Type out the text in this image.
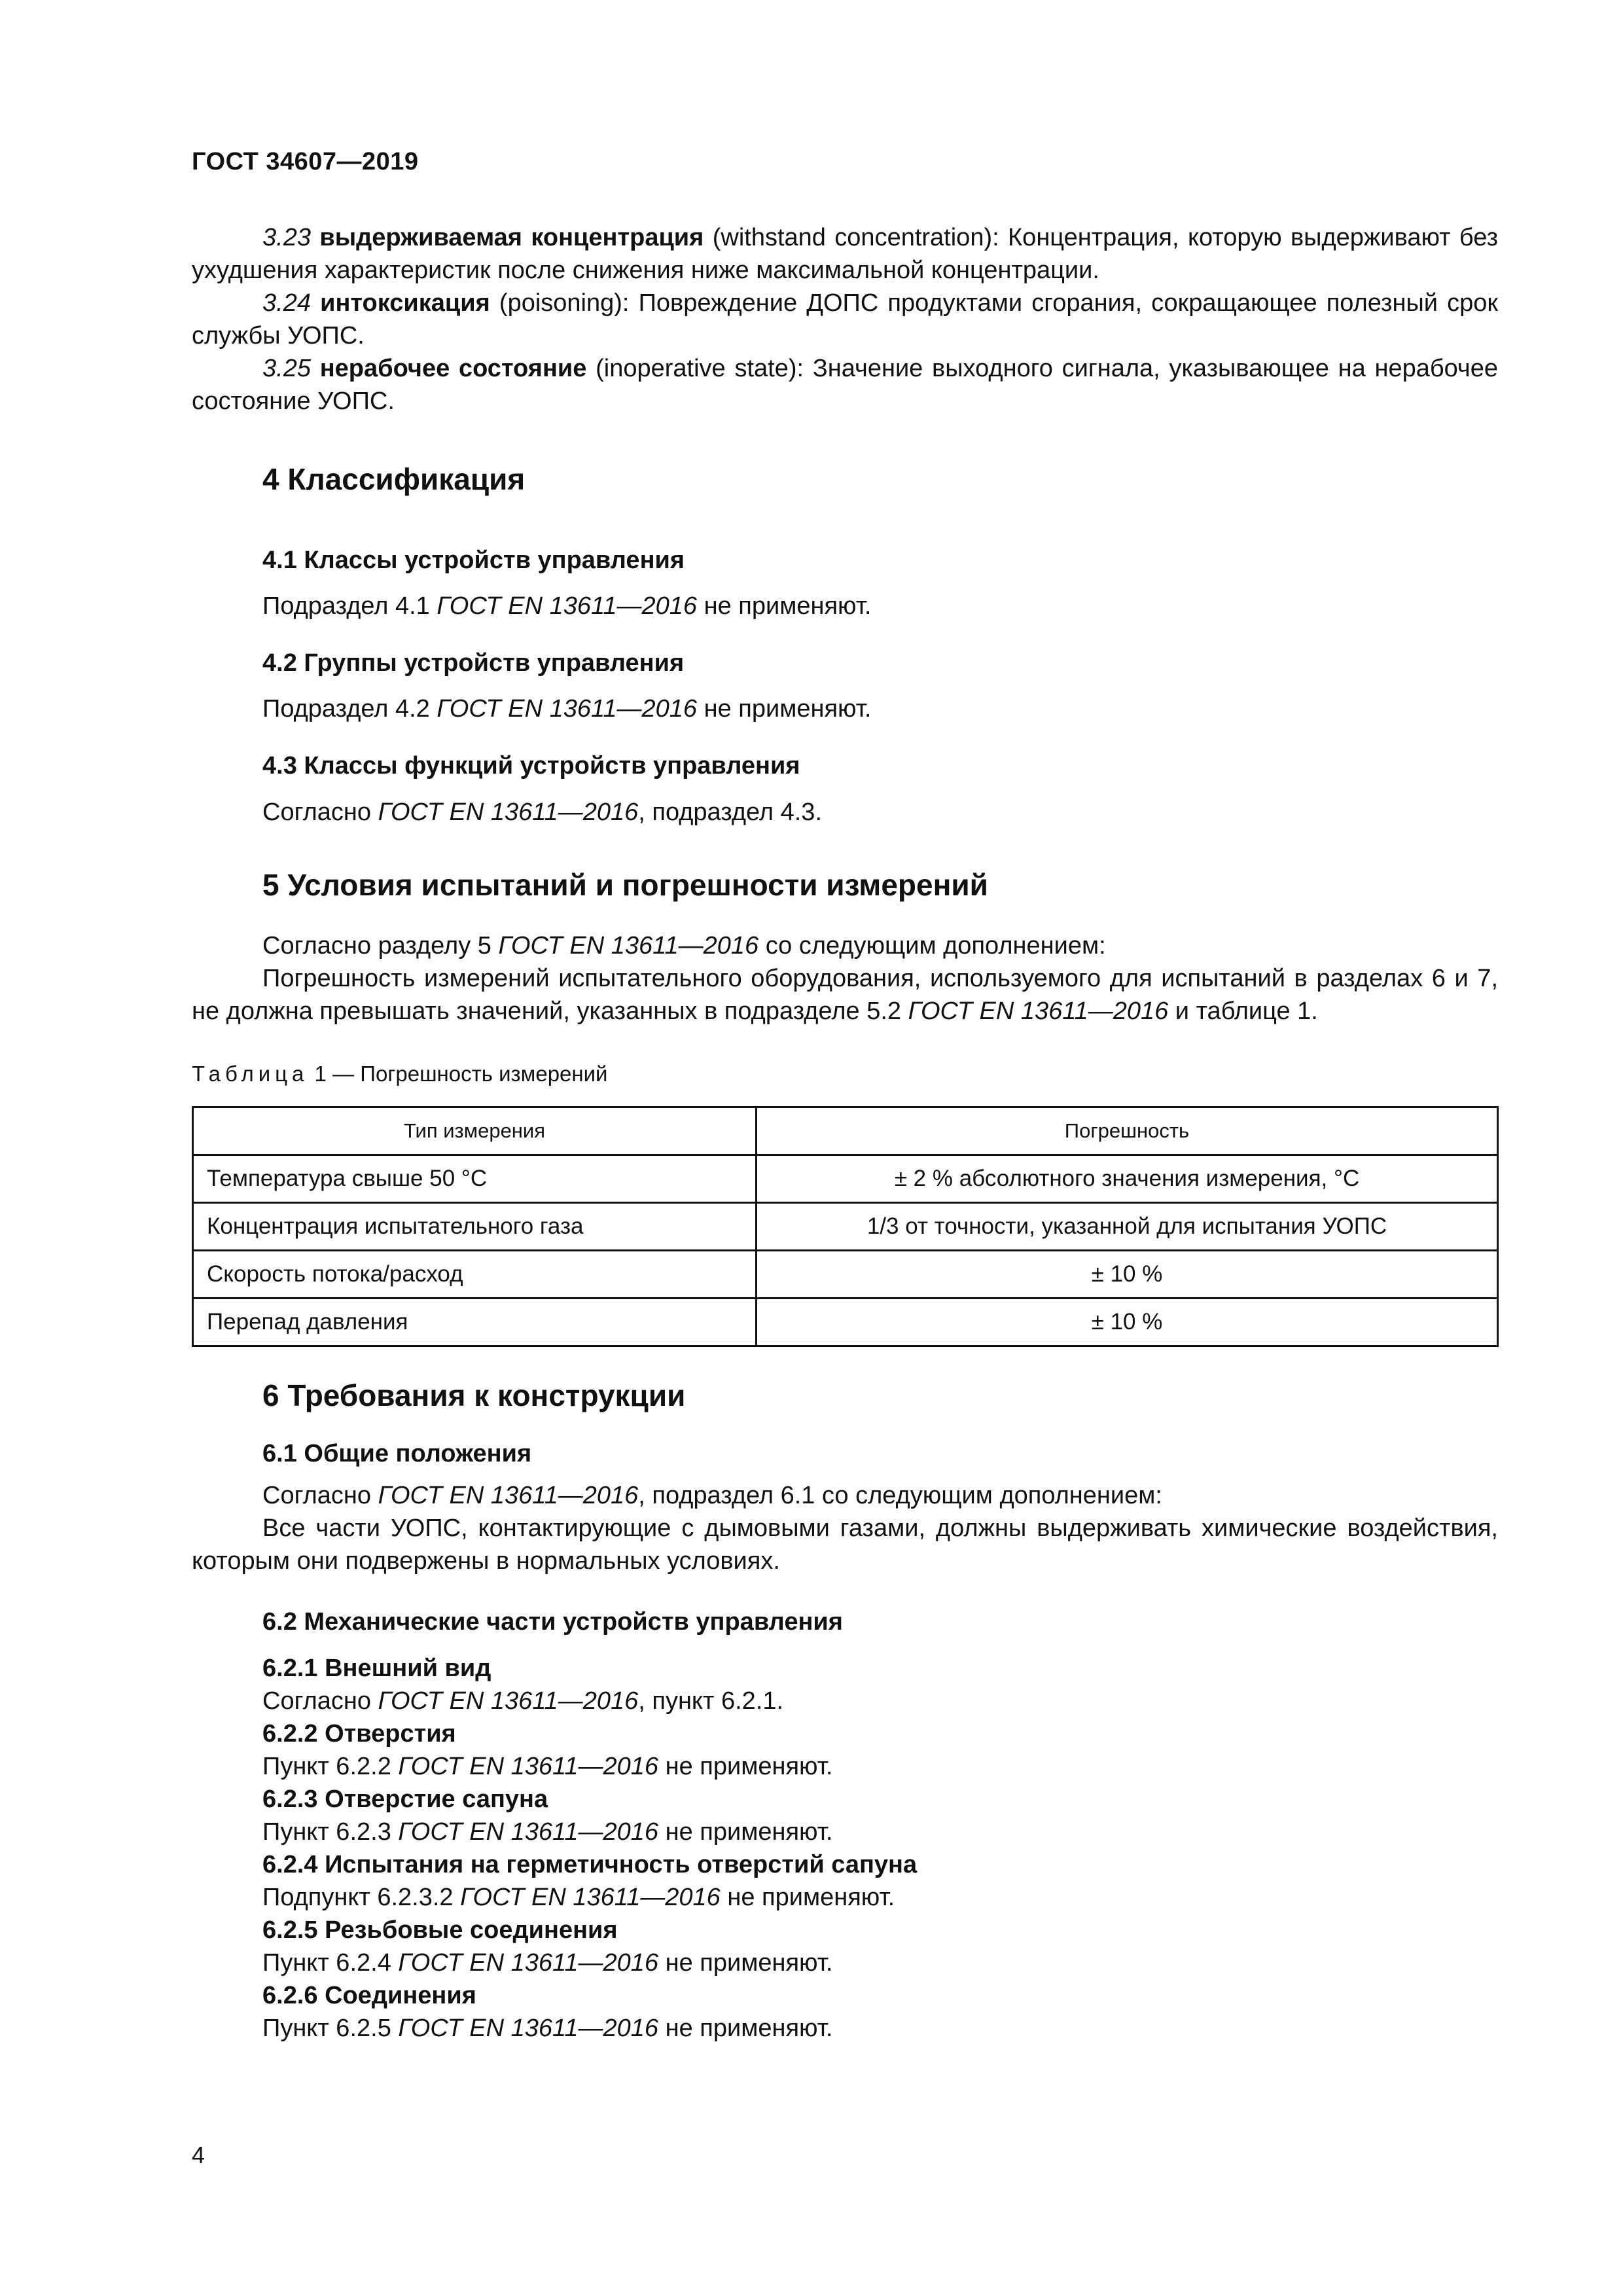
ГОСТ 34607—2019

3.23 выдерживаемая концентрация (withstand concentration): Концентрация, которую выдерживают без ухудшения характеристик после снижения ниже максимальной концентрации.

3.24 интоксикация (poisoning): Повреждение ДОПС продуктами сгорания, сокращающее полезный срок службы УОПС.

3.25 нерабочее состояние (inoperative state): Значение выходного сигнала, указывающее на нерабочее состояние УОПС.

4 Классификация
4.1 Классы устройств управления
Подраздел 4.1 ГОСТ EN 13611—2016 не применяют.
4.2 Группы устройств управления
Подраздел 4.2 ГОСТ EN 13611—2016 не применяют.
4.3 Классы функций устройств управления
Согласно ГОСТ EN 13611—2016, подраздел 4.3.
5 Условия испытаний и погрешности измерений

Согласно разделу 5 ГОСТ EN 13611—2016 со следующим дополнением:

Погрешность измерений испытательного оборудования, используемого для испытаний в разделах 6 и 7, не должна превышать значений, указанных в подразделе 5.2 ГОСТ EN 13611—2016 и таблице 1.

Таблица 1 — Погрешность измерений
Тип измерения	Погрешность
Температура свыше 50 °C	± 2 % абсолютного значения измерения, °C
Концентрация испытательного газа	1/3 от точности, указанной для испытания УОПС
Скорость потока/расход	± 10 %
Перепад давления	± 10 %
6 Требования к конструкции
6.1 Общие положения

Согласно ГОСТ EN 13611—2016, подраздел 6.1 со следующим дополнением:

Все части УОПС, контактирующие с дымовыми газами, должны выдерживать химические воздействия, которым они подвержены в нормальных условиях.

6.2 Механические части устройств управления
6.2.1 Внешний вид
Согласно ГОСТ EN 13611—2016, пункт 6.2.1.
6.2.2 Отверстия
Пункт 6.2.2 ГОСТ EN 13611—2016 не применяют.
6.2.3 Отверстие сапуна
Пункт 6.2.3 ГОСТ EN 13611—2016 не применяют.
6.2.4 Испытания на герметичность отверстий сапуна
Подпункт 6.2.3.2 ГОСТ EN 13611—2016 не применяют.
6.2.5 Резьбовые соединения
Пункт 6.2.4 ГОСТ EN 13611—2016 не применяют.
6.2.6 Соединения
Пункт 6.2.5 ГОСТ EN 13611—2016 не применяют.
4
